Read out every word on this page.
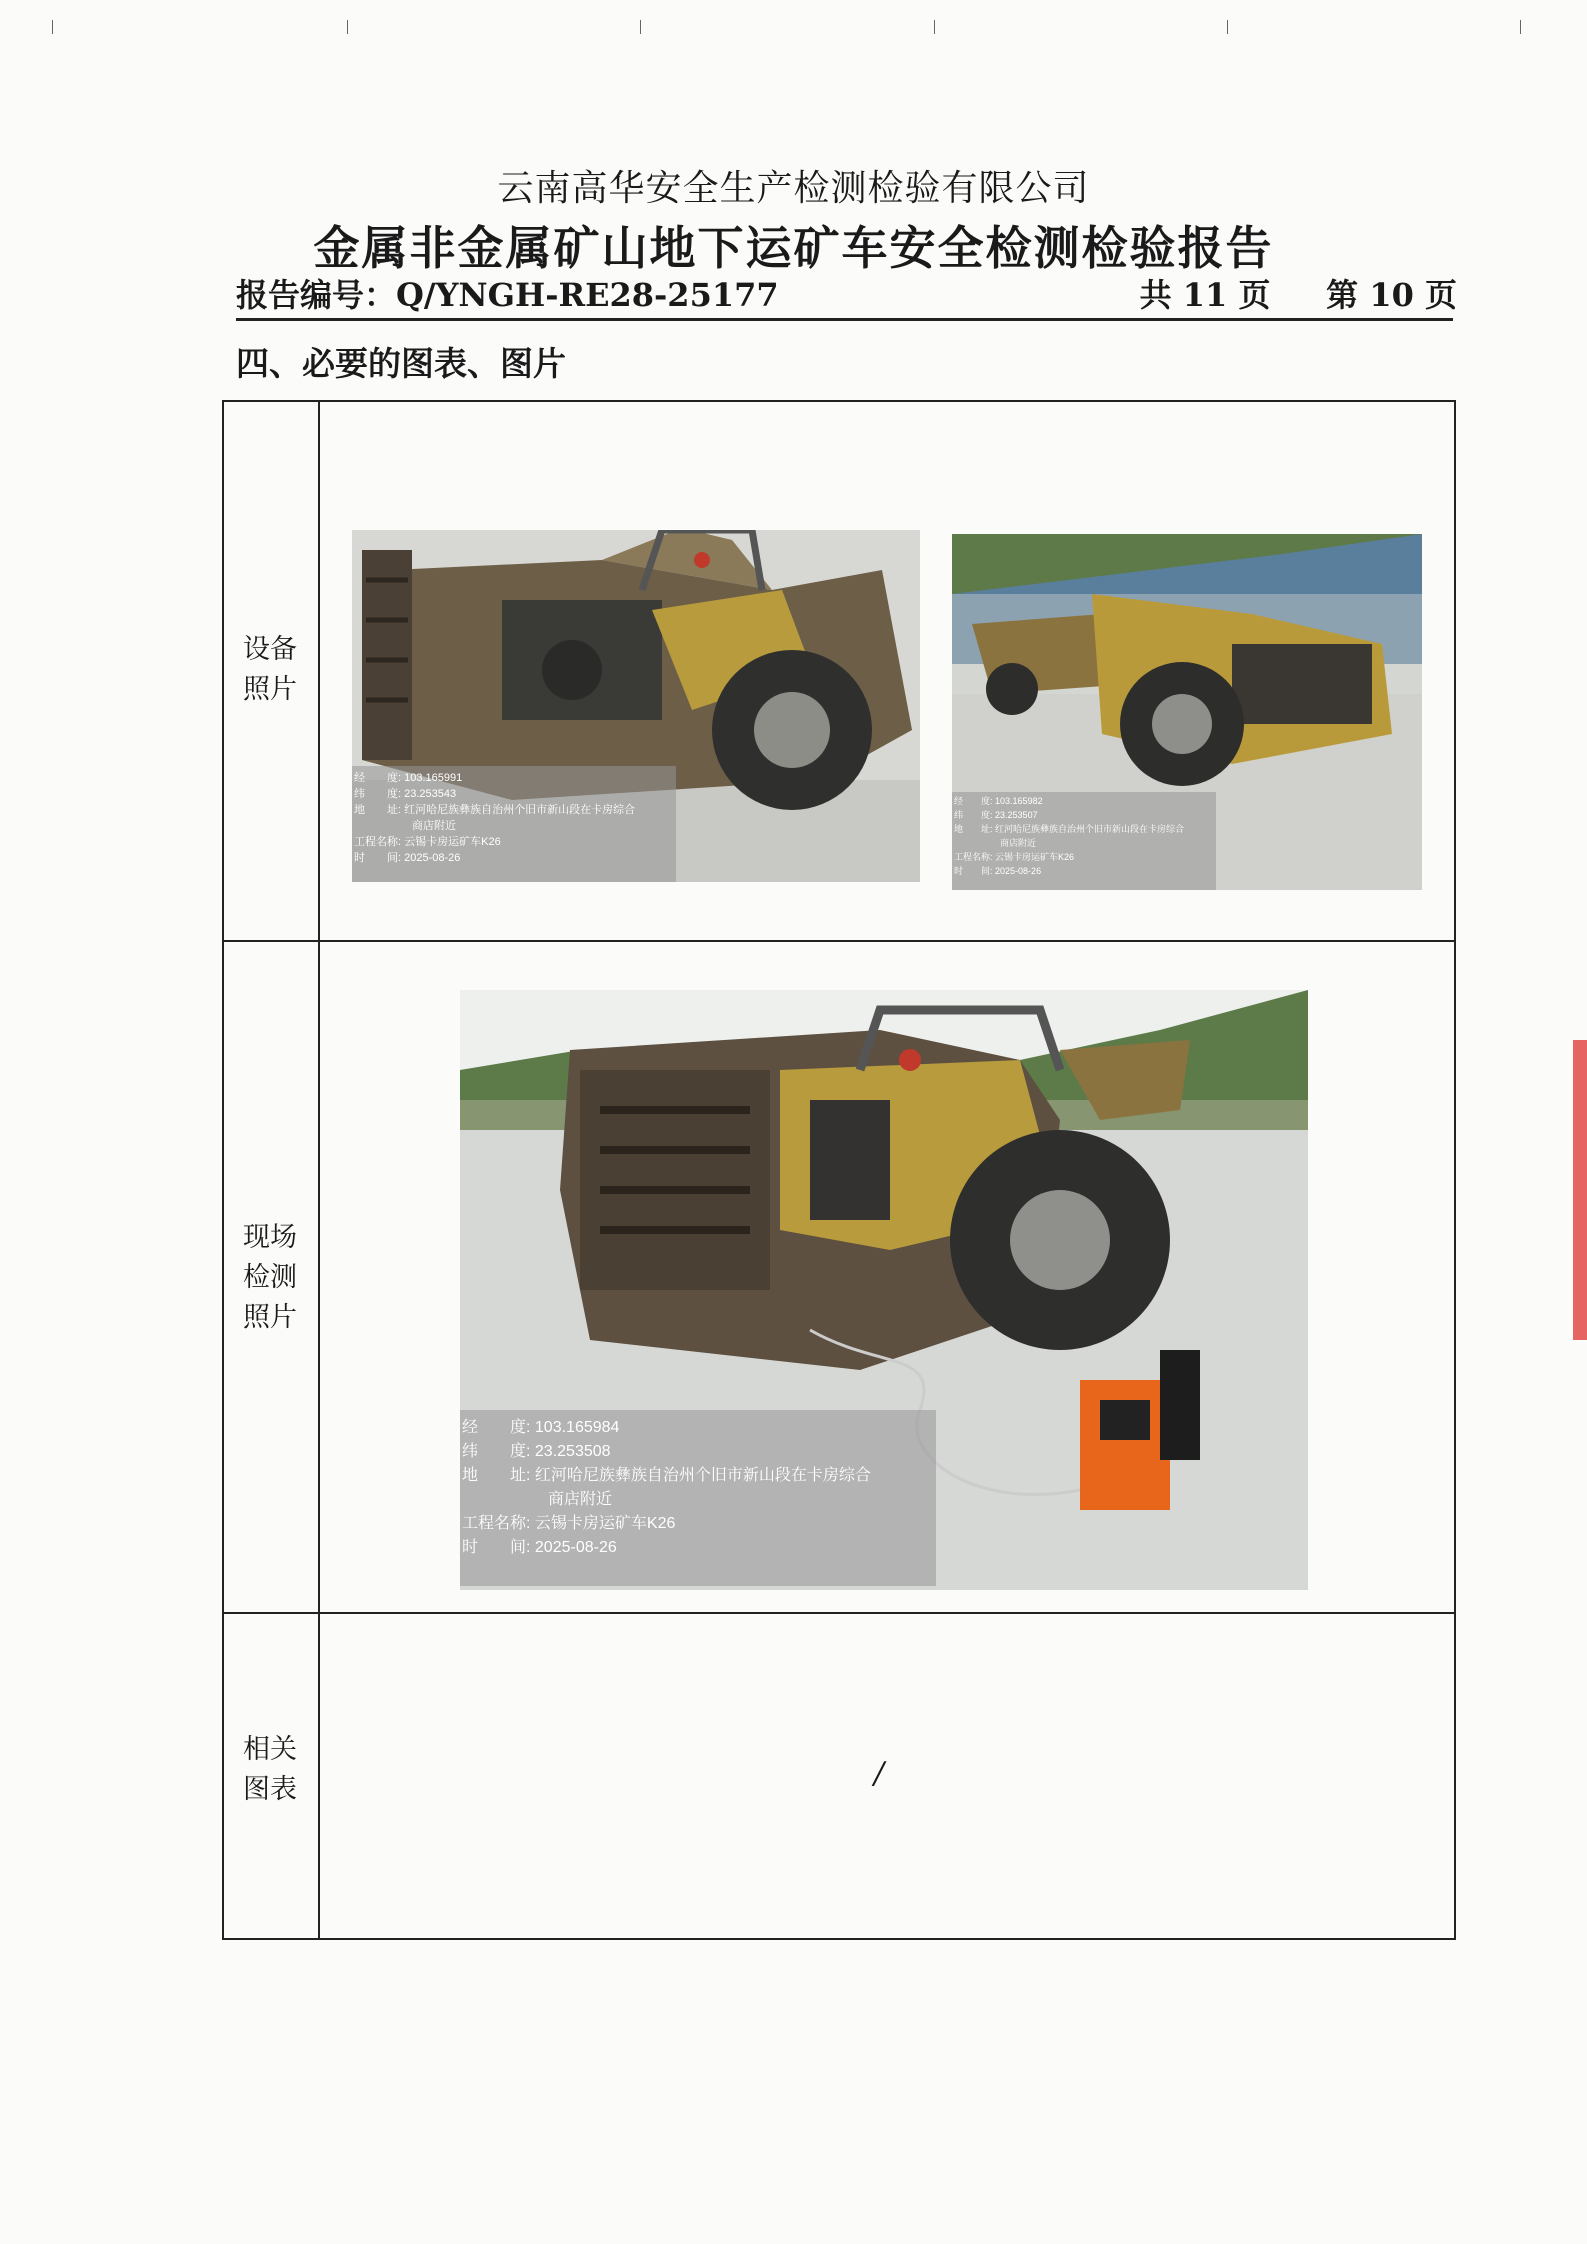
云南高华安全生产检测检验有限公司
金属非金属矿山地下运矿车安全检测检验报告
报告编号：Q/YNGH-RE28-25177	共 11 页 第 10 页
四、必要的图表、图片
设备
照片
现场
检测
照片
相关
图表	/
经　　度:
103.165991
纬　　度:
23.253543
地　　址:
红河哈尼族彝族自治州个旧市新山段在卡房综合
商店附近
工程名称:
云锡卡房运矿车K26
时　　间:
2025-08-26
经　　度:
103.165982
纬　　度:
23.253507
地　　址:
红河哈尼族彝族自治州个旧市新山段在卡房综合
商店附近
工程名称:
云锡卡房运矿车K26
时　　间:
2025-08-26
经　　度:
103.165984
纬　　度:
23.253508
地　　址:
红河哈尼族彝族自治州个旧市新山段在卡房综合
商店附近
工程名称:
云锡卡房运矿车K26
时　　间:
2025-08-26
